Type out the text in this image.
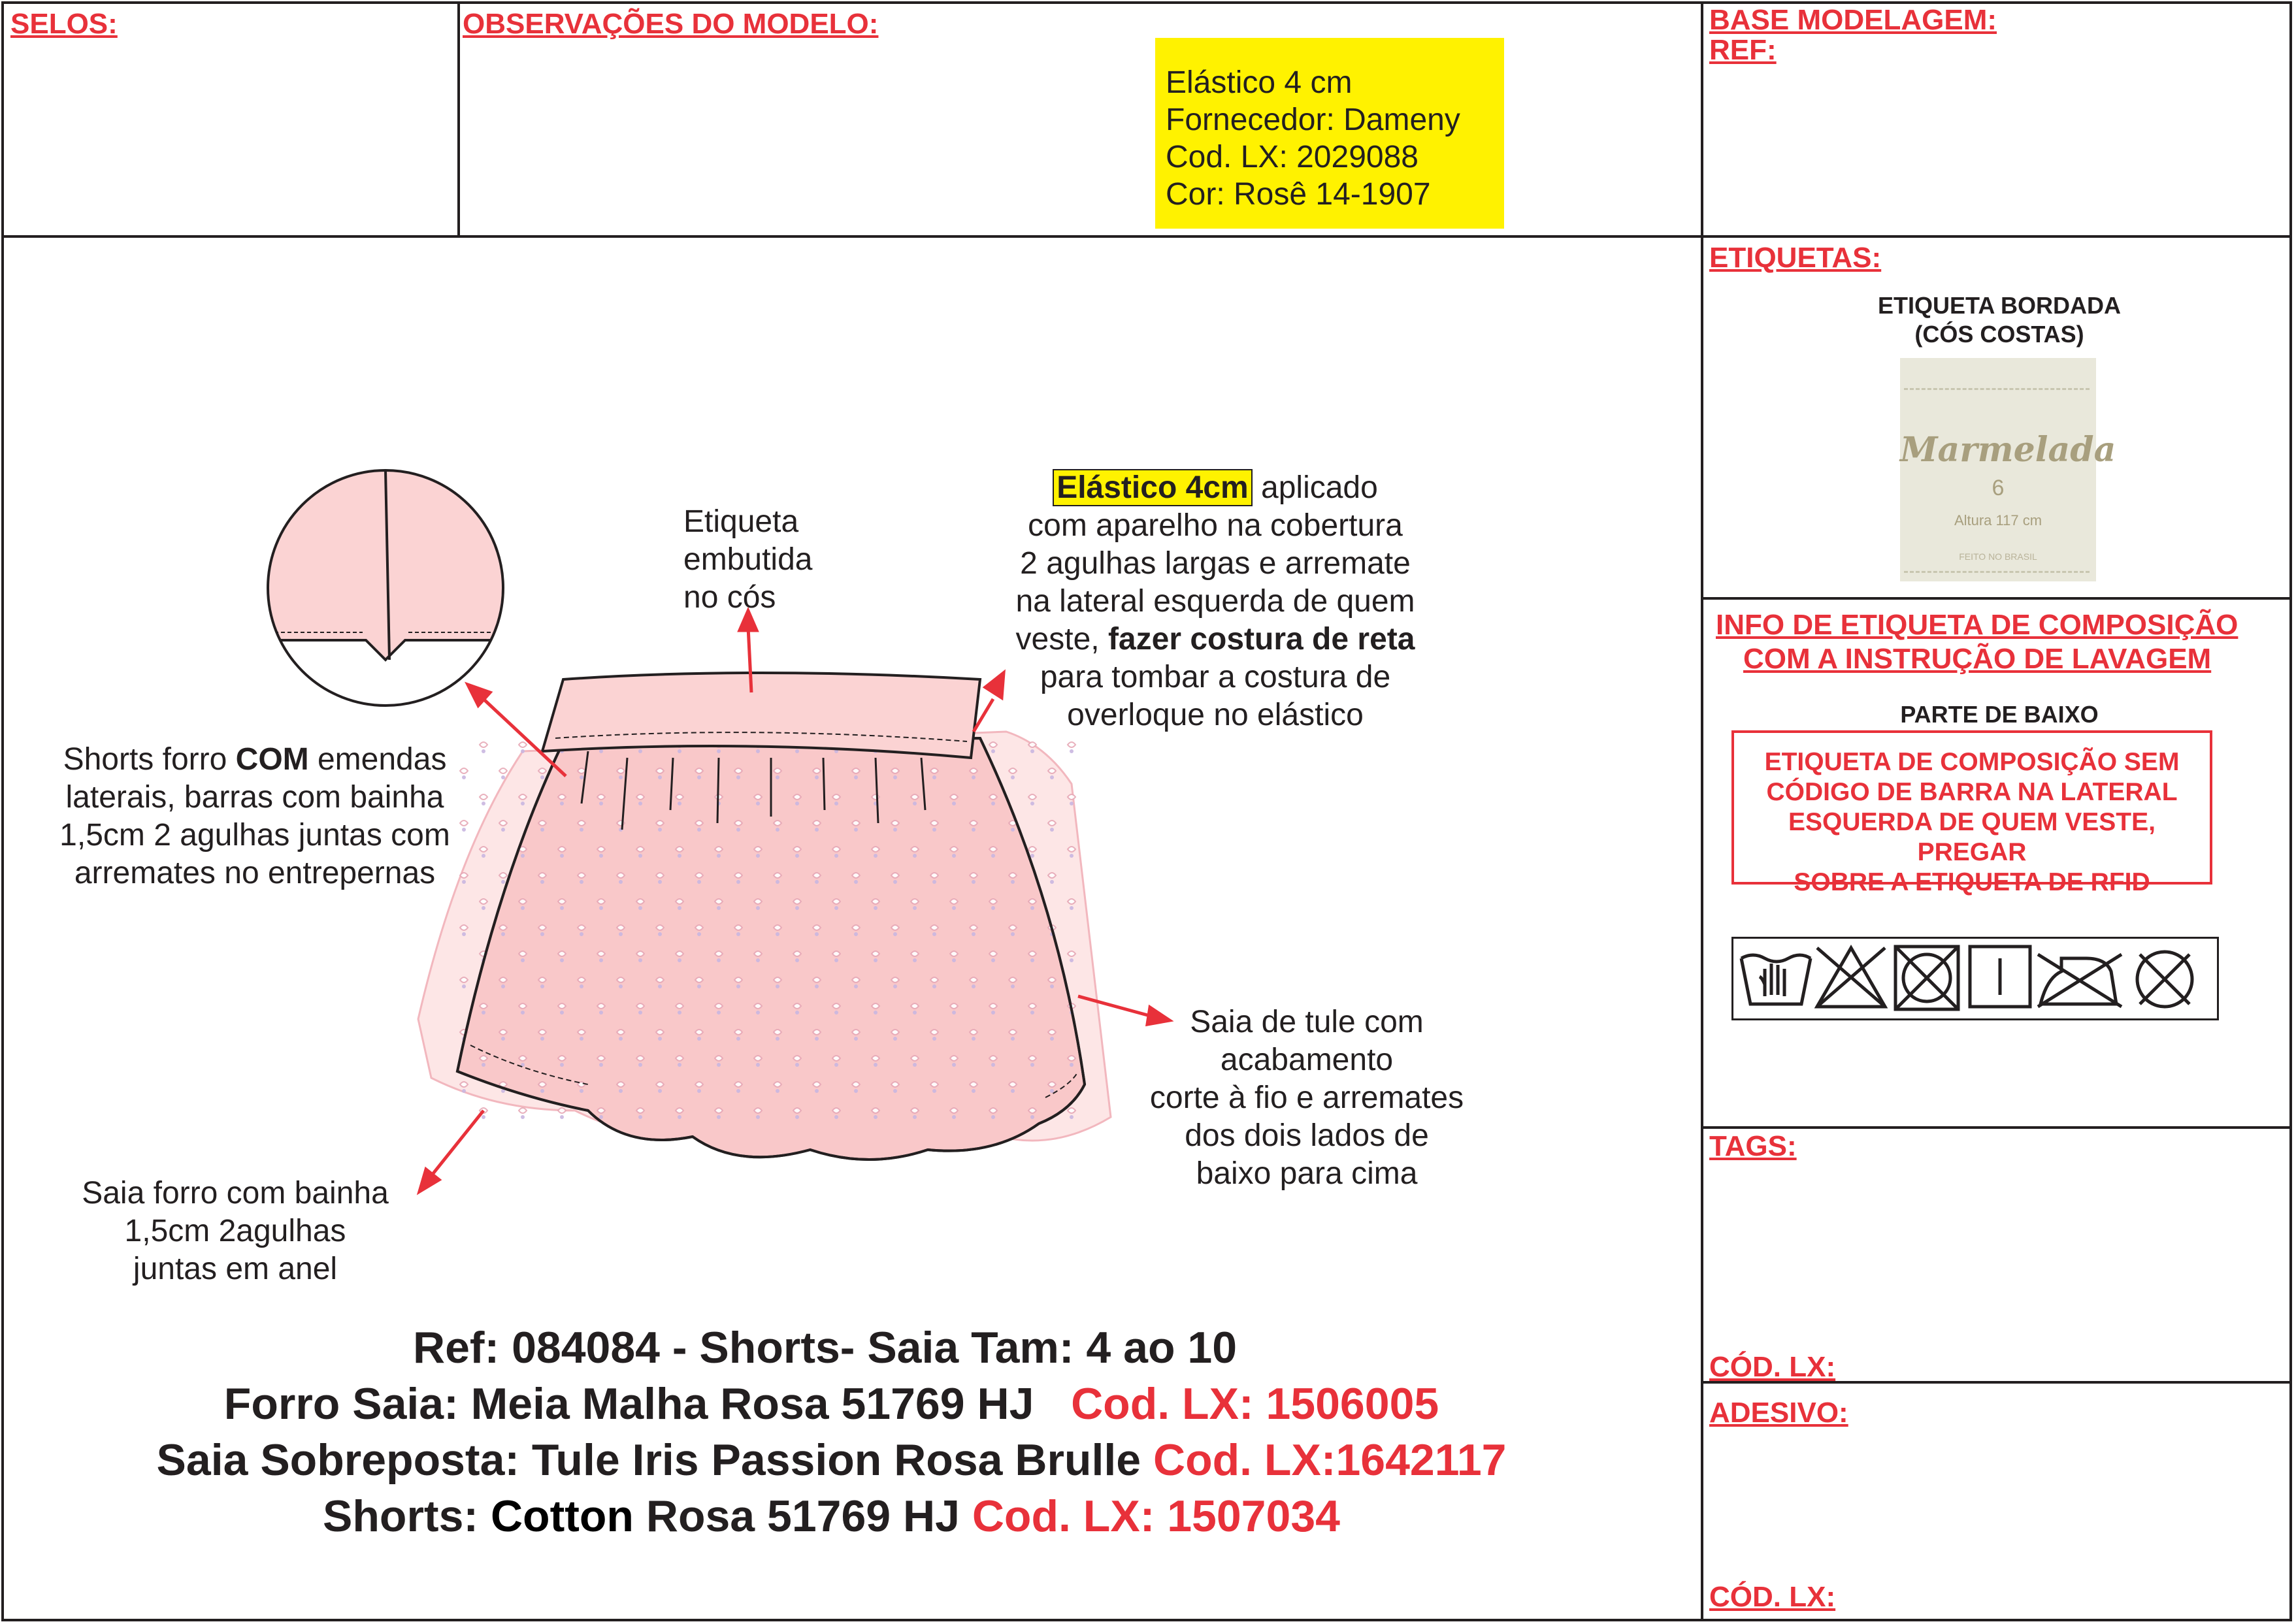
SELOS:	OBSERVAÇÕES DO MODELO:	BASE MODELAGEM:
REF:
ETIQUETAS:
INFO DE ETIQUETA DE COMPOSIÇÃO
COM A INSTRUÇÃO DE LAVAGEM
TAGS:
CÓD. LX:
ADESIVO:
CÓD. LX:
Elástico 4 cm
Fornecedor: Dameny
Cod. LX: 2029088
Cor: Rosê 14-1907
ETIQUETA BORDADA
(CÓS COSTAS)
Marmelada
6
Altura 117 cm
FEITO NO BRASIL
PARTE DE BAIXO
ETIQUETA DE COMPOSIÇÃO SEM
CÓDIGO DE BARRA NA LATERAL
ESQUERDA DE QUEM VESTE, PREGAR
SOBRE A ETIQUETA DE RFID
Etiqueta
embutida
no cós
Elástico 4cm aplicado
com aparelho na cobertura
2 agulhas largas e arremate
na lateral esquerda de quem
veste, fazer costura de reta
para tombar a costura de
overloque no elástico
Shorts forro COM emendas
laterais, barras com bainha
1,5cm 2 agulhas juntas com
arremates no entrepernas
Saia de tule com
acabamento
corte à fio e arremates
dos dois lados de
baixo para cima
Saia forro com bainha
1,5cm 2agulhas
juntas em anel
Ref: 084084 - Shorts- Saia Tam: 4 ao 10
Forro Saia: Meia Malha Rosa 51769 HJ   Cod. LX: 1506005
Saia Sobreposta: Tule Iris Passion Rosa Brulle Cod. LX:1642117
Shorts: Cotton Rosa 51769 HJ Cod. LX: 1507034
